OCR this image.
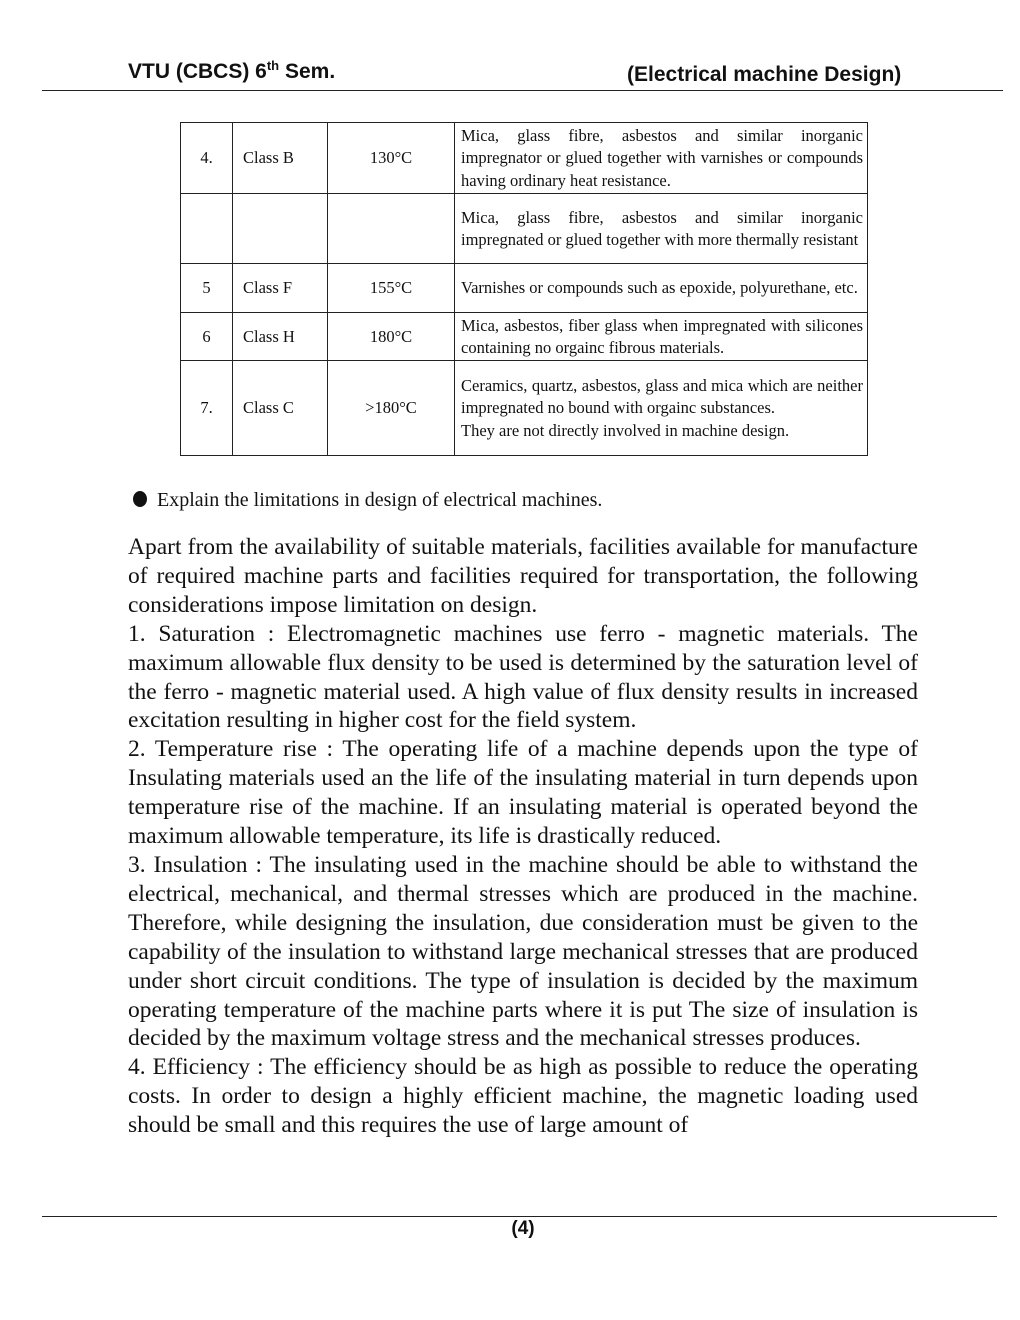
VTU (CBCS) 6th Sem.	(Electrical machine Design)
4.	Class B	130°C	Mica, glass fibre, asbestos and similar inorganic impregnator or glued together with varnishes or compounds having ordinary heat resistance.
			Mica, glass fibre, asbestos and similar inorganic impregnated or glued together with more thermally resistant
5	Class F	155°C	Varnishes or compounds such as epoxide, polyurethane, etc.
6	Class H	180°C	Mica, asbestos, fiber glass when impregnated with silicones containing no orgainc fibrous materials.
7.	Class C	>180°C	Ceramics, quartz, asbestos, glass and mica which are neither impregnated no bound with orgainc substances.
They are not directly involved in machine design.
Explain the limitations in design of electrical machines.

Apart from the availability of suitable materials, facilities available for manufacture of required machine parts and facilities required for transportation, the following considerations impose limitation on design.

1. Saturation : Electromagnetic machines use ferro - magnetic materials. The maximum allowable flux density to be used is determined by the saturation level of the ferro - magnetic material used. A high value of flux density results in increased excitation resulting in higher cost for the field system.

2. Temperature rise : The operating life of a machine depends upon the type of Insulating materials used an the life of the insulating material in turn depends upon temperature rise of the machine. If an insulating material is operated beyond the maximum allowable temperature, its life is drastically reduced.

3. Insulation : The insulating used in the machine should be able to withstand the electrical, mechanical, and thermal stresses which are produced in the machine. Therefore, while designing the insulation, due consideration must be given to the capability of the insulation to withstand large mechanical stresses that are produced under short circuit conditions. The type of insulation is decided by the maximum operating temperature of the machine parts where it is put The size of insulation is decided by the maximum voltage stress and the mechanical stresses produces.

4. Efficiency : The efficiency should be as high as possible to reduce the operating costs. In order to design a highly efficient machine, the magnetic loading used should be small and this requires the use of large amount of

(4)
